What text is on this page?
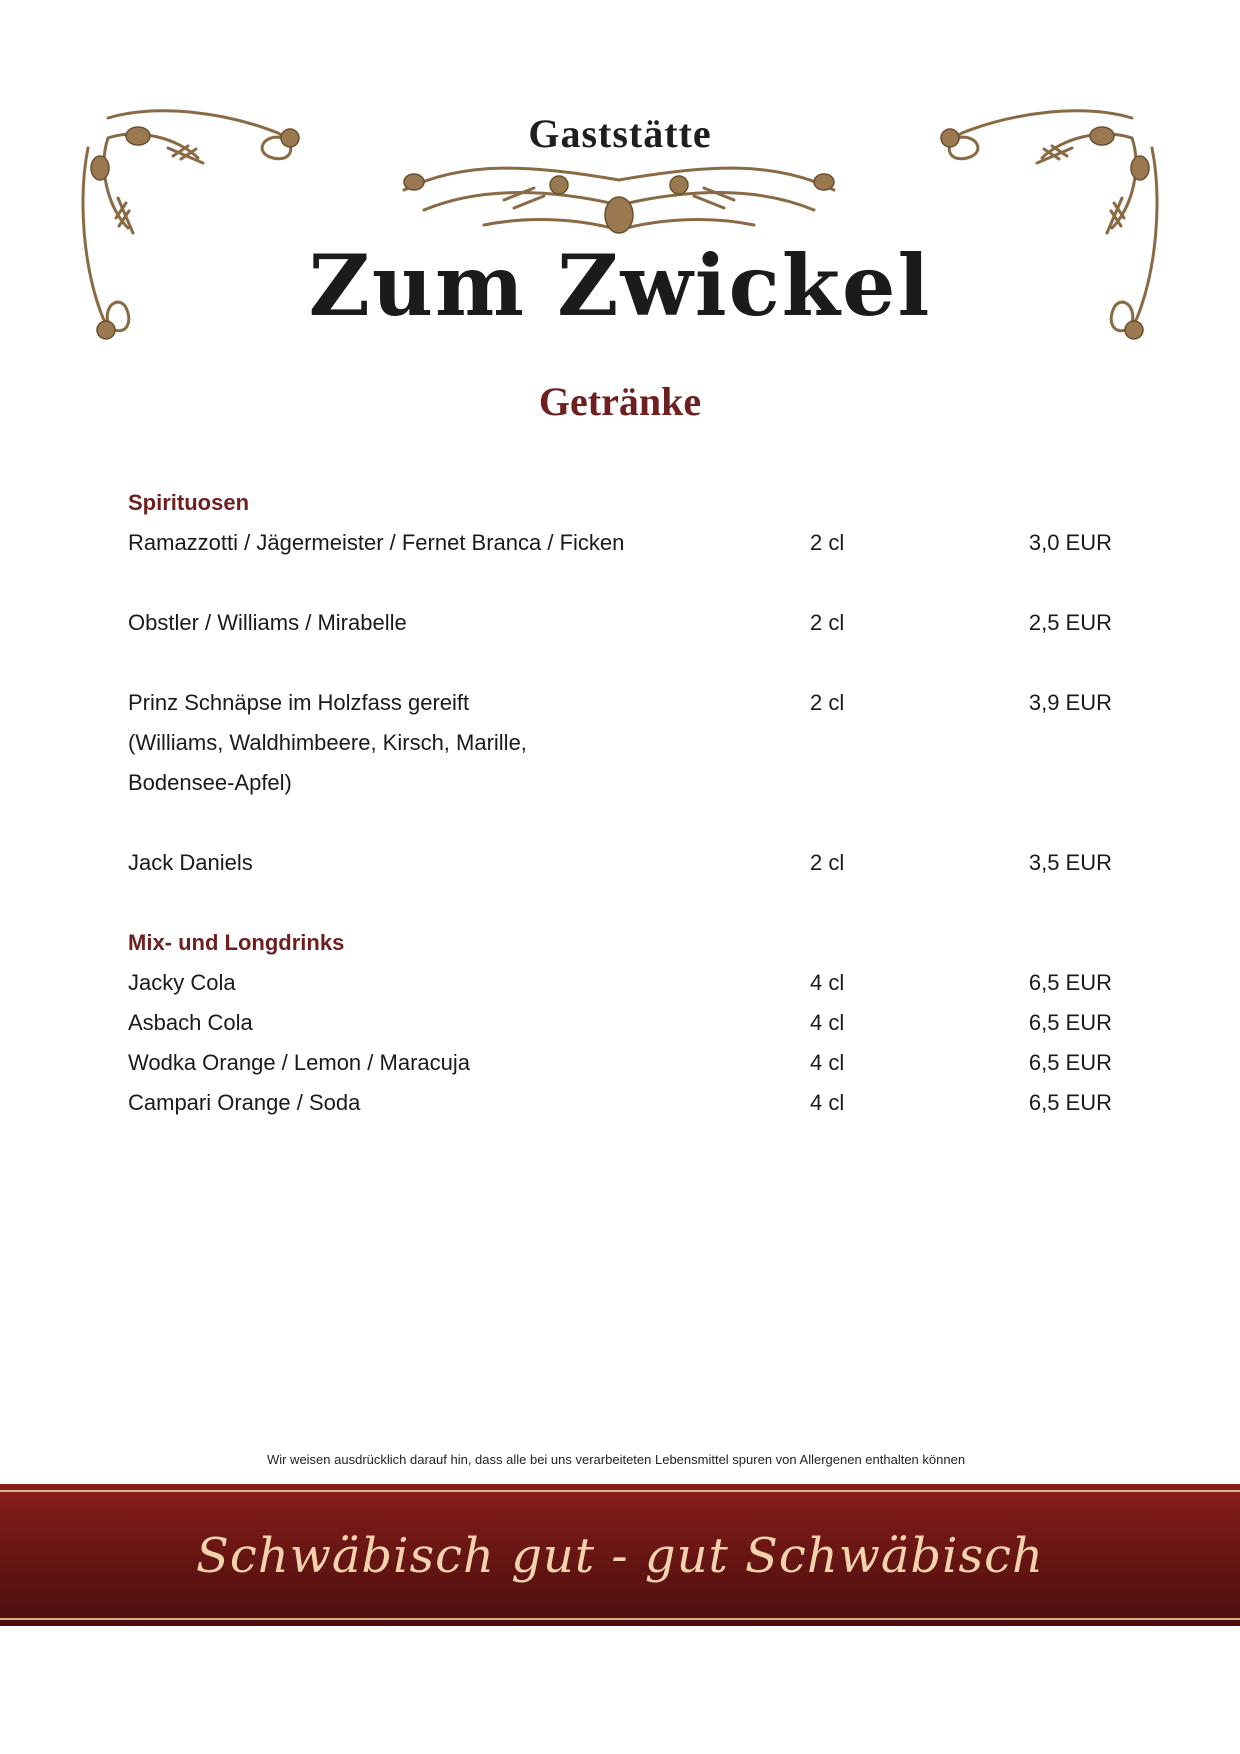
Gaststätte
Zum Zwickel
Getränke
Spirituosen
Ramazzotti / Jägermeister / Fernet Branca / Ficken	2 cl	3,0 EUR
Obstler / Williams / Mirabelle	2 cl	2,5 EUR
Prinz Schnäpse im Holzfass gereift	2 cl	3,9 EUR
(Williams, Waldhimbeere, Kirsch, Marille,
Bodensee-Apfel)
Jack Daniels	2 cl	3,5 EUR
Mix- und Longdrinks
Jacky Cola	4 cl	6,5 EUR
Asbach Cola	4 cl	6,5 EUR
Wodka Orange / Lemon / Maracuja	4 cl	6,5 EUR
Campari Orange / Soda	4 cl	6,5 EUR
Wir weisen ausdrücklich darauf hin, dass alle bei uns verarbeiteten Lebensmittel spuren von Allergenen enthalten können
Schwäbisch gut - gut Schwäbisch
